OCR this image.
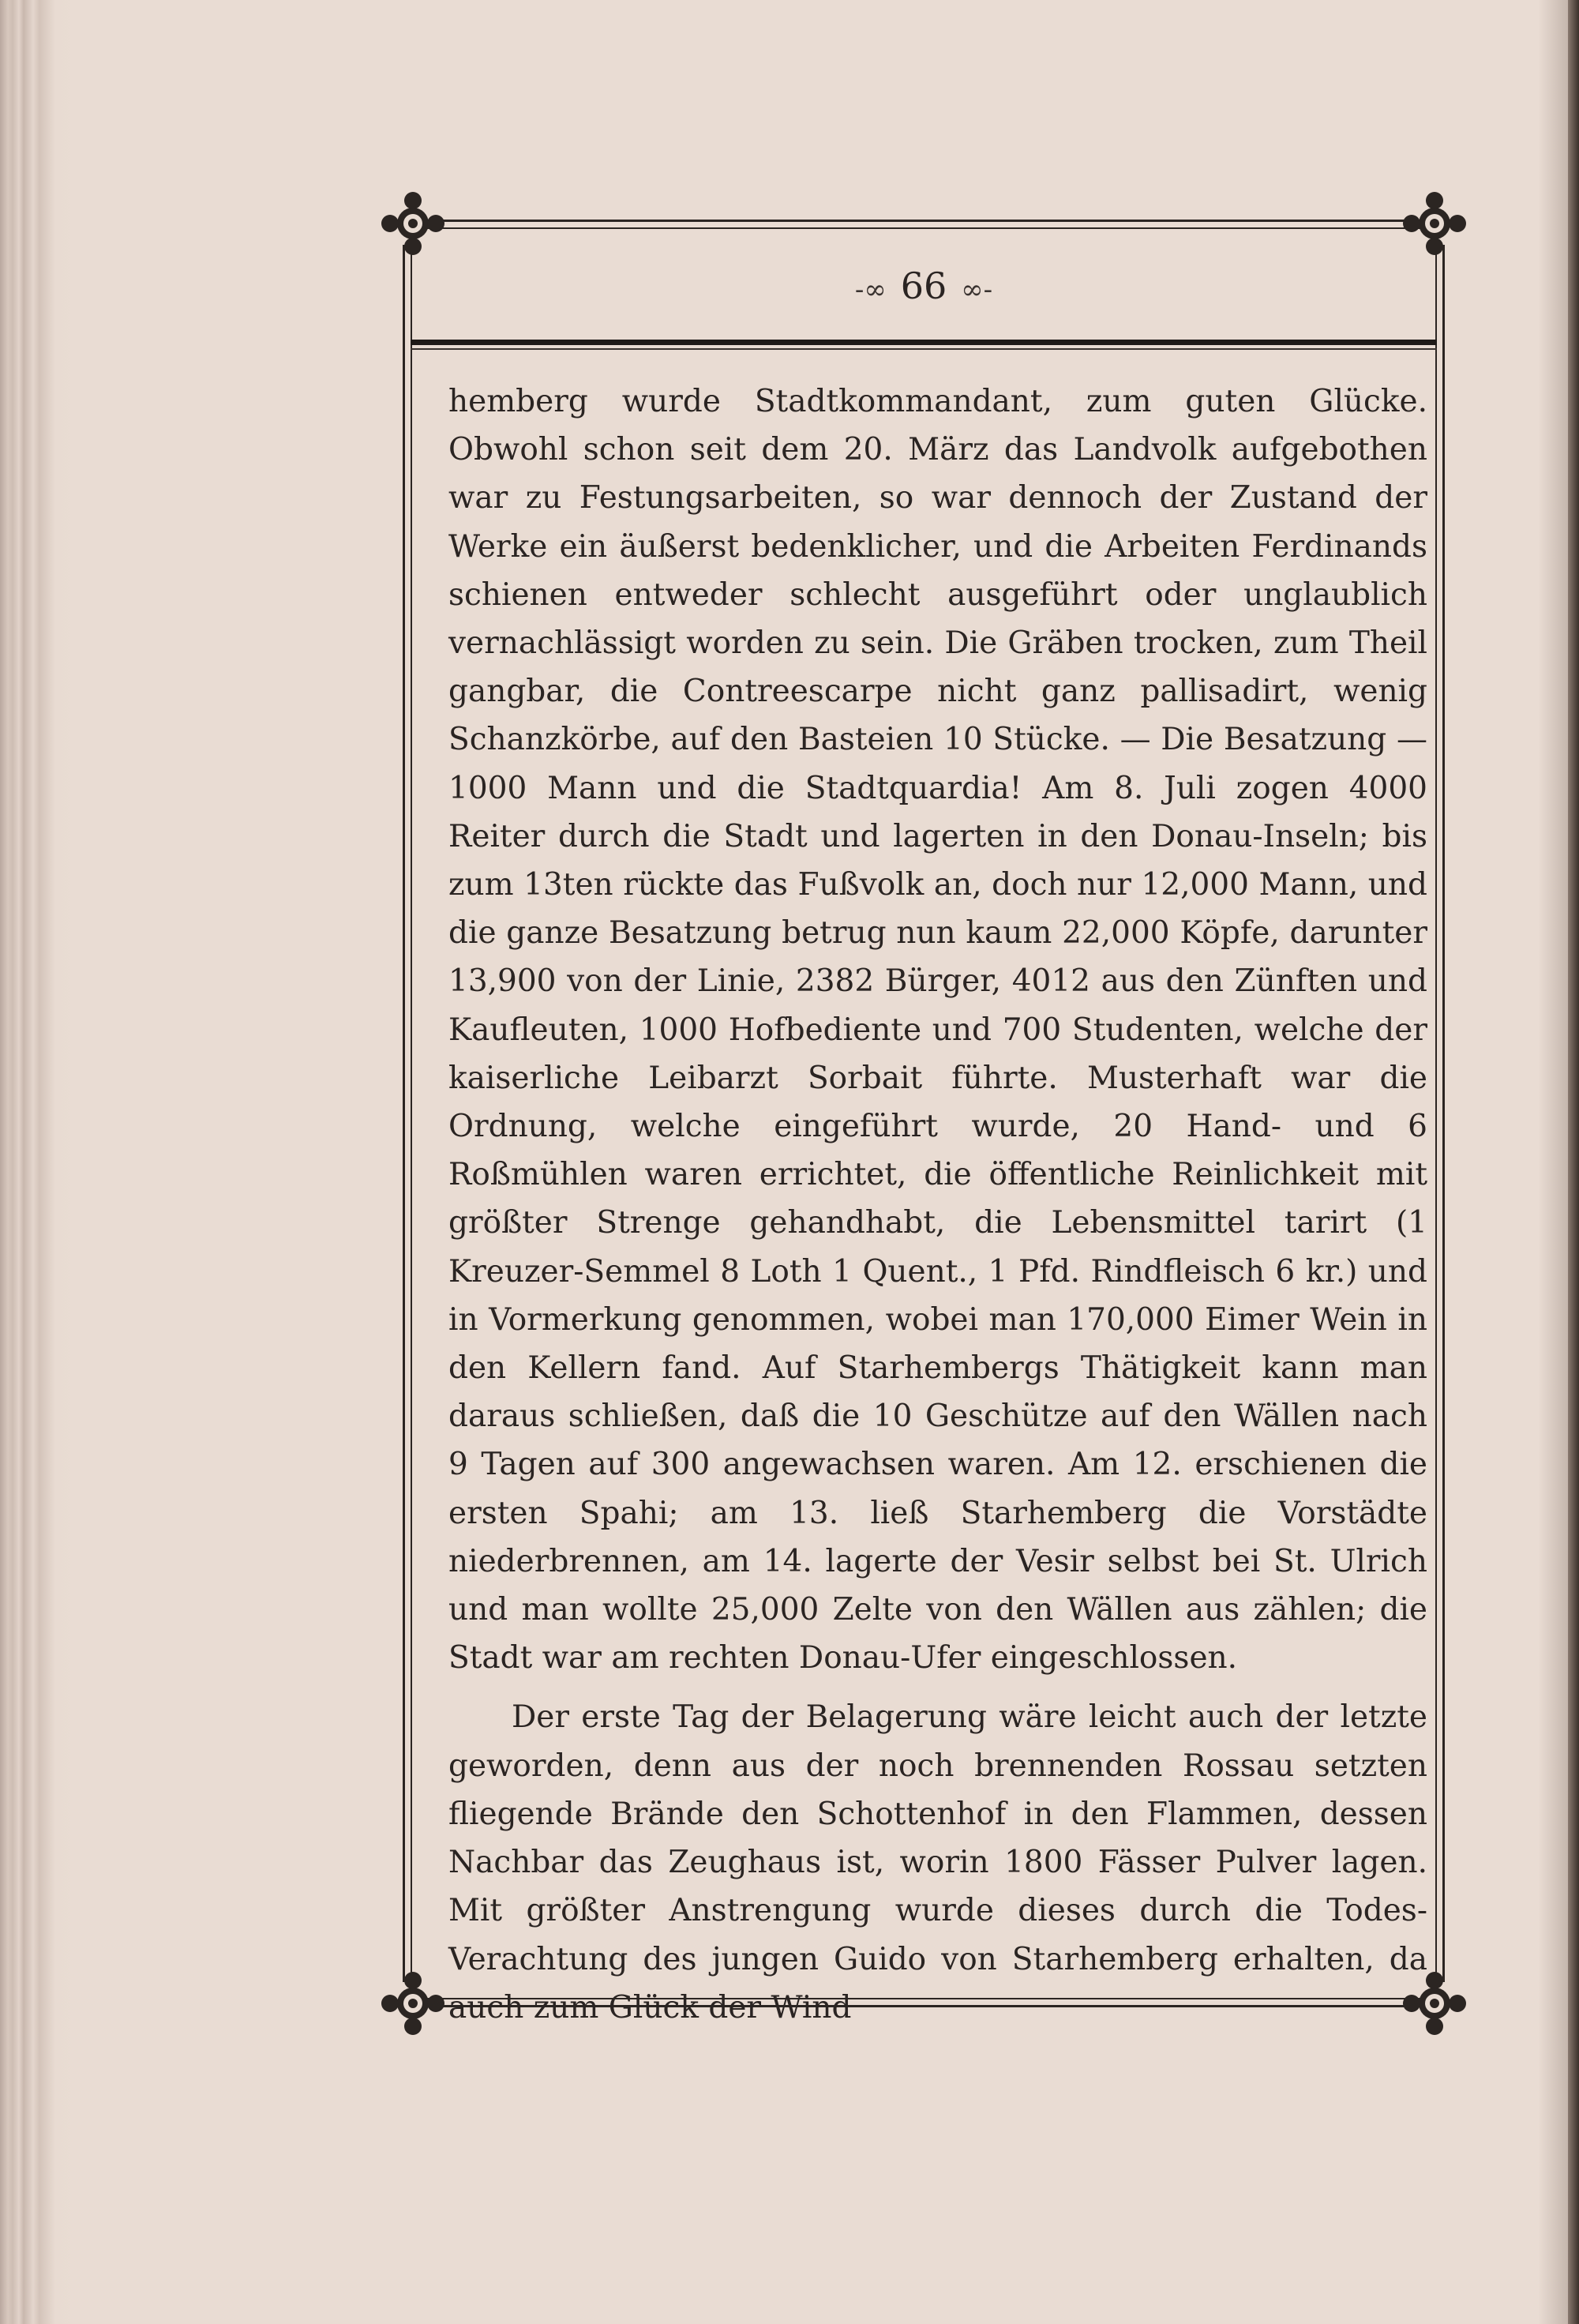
-∞ 66 ∞-

hemberg wurde Stadtkommandant, zum guten Glücke. Obwohl schon seit dem 20. März das Landvolk aufgebothen war zu Festungsarbeiten, so war dennoch der Zustand der Werke ein äußerst bedenklicher, und die Arbeiten Ferdinands schienen entweder schlecht ausgeführt oder unglaublich vernachlässigt worden zu sein. Die Gräben trocken, zum Theil gangbar, die Contreescarpe nicht ganz pallisadirt, wenig Schanzkörbe, auf den Basteien 10 Stücke. — Die Besatzung — 1000 Mann und die Stadtquardia! Am 8. Juli zogen 4000 Reiter durch die Stadt und lagerten in den Donau-Inseln; bis zum 13ten rückte das Fußvolk an, doch nur 12,000 Mann, und die ganze Besatzung betrug nun kaum 22,000 Köpfe, darunter 13,900 von der Linie, 2382 Bürger, 4012 aus den Zünften und Kaufleuten, 1000 Hofbediente und 700 Studenten, welche der kaiserliche Leibarzt Sorbait führte. Musterhaft war die Ordnung, welche eingeführt wurde, 20 Hand- und 6 Roßmühlen waren errichtet, die öffentliche Reinlichkeit mit größter Strenge gehandhabt, die Lebensmittel tarirt (1 Kreuzer-Semmel 8 Loth 1 Quent., 1 Pfd. Rindfleisch 6 kr.) und in Vormerkung genommen, wobei man 170,000 Eimer Wein in den Kellern fand. Auf Starhembergs Thätigkeit kann man daraus schließen, daß die 10 Geschütze auf den Wällen nach 9 Tagen auf 300 angewachsen waren. Am 12. erschienen die ersten Spahi; am 13. ließ Starhemberg die Vorstädte niederbrennen, am 14. lagerte der Vesir selbst bei St. Ulrich und man wollte 25,000 Zelte von den Wällen aus zählen; die Stadt war am rechten Donau-Ufer eingeschlossen.

Der erste Tag der Belagerung wäre leicht auch der letzte geworden, denn aus der noch brennenden Rossau setzten fliegende Brände den Schottenhof in den Flammen, dessen Nachbar das Zeughaus ist, worin 1800 Fässer Pulver lagen. Mit größter Anstrengung wurde dieses durch die Todes-Verachtung des jungen Guido von Starhemberg erhalten, da auch zum Glück der Wind
